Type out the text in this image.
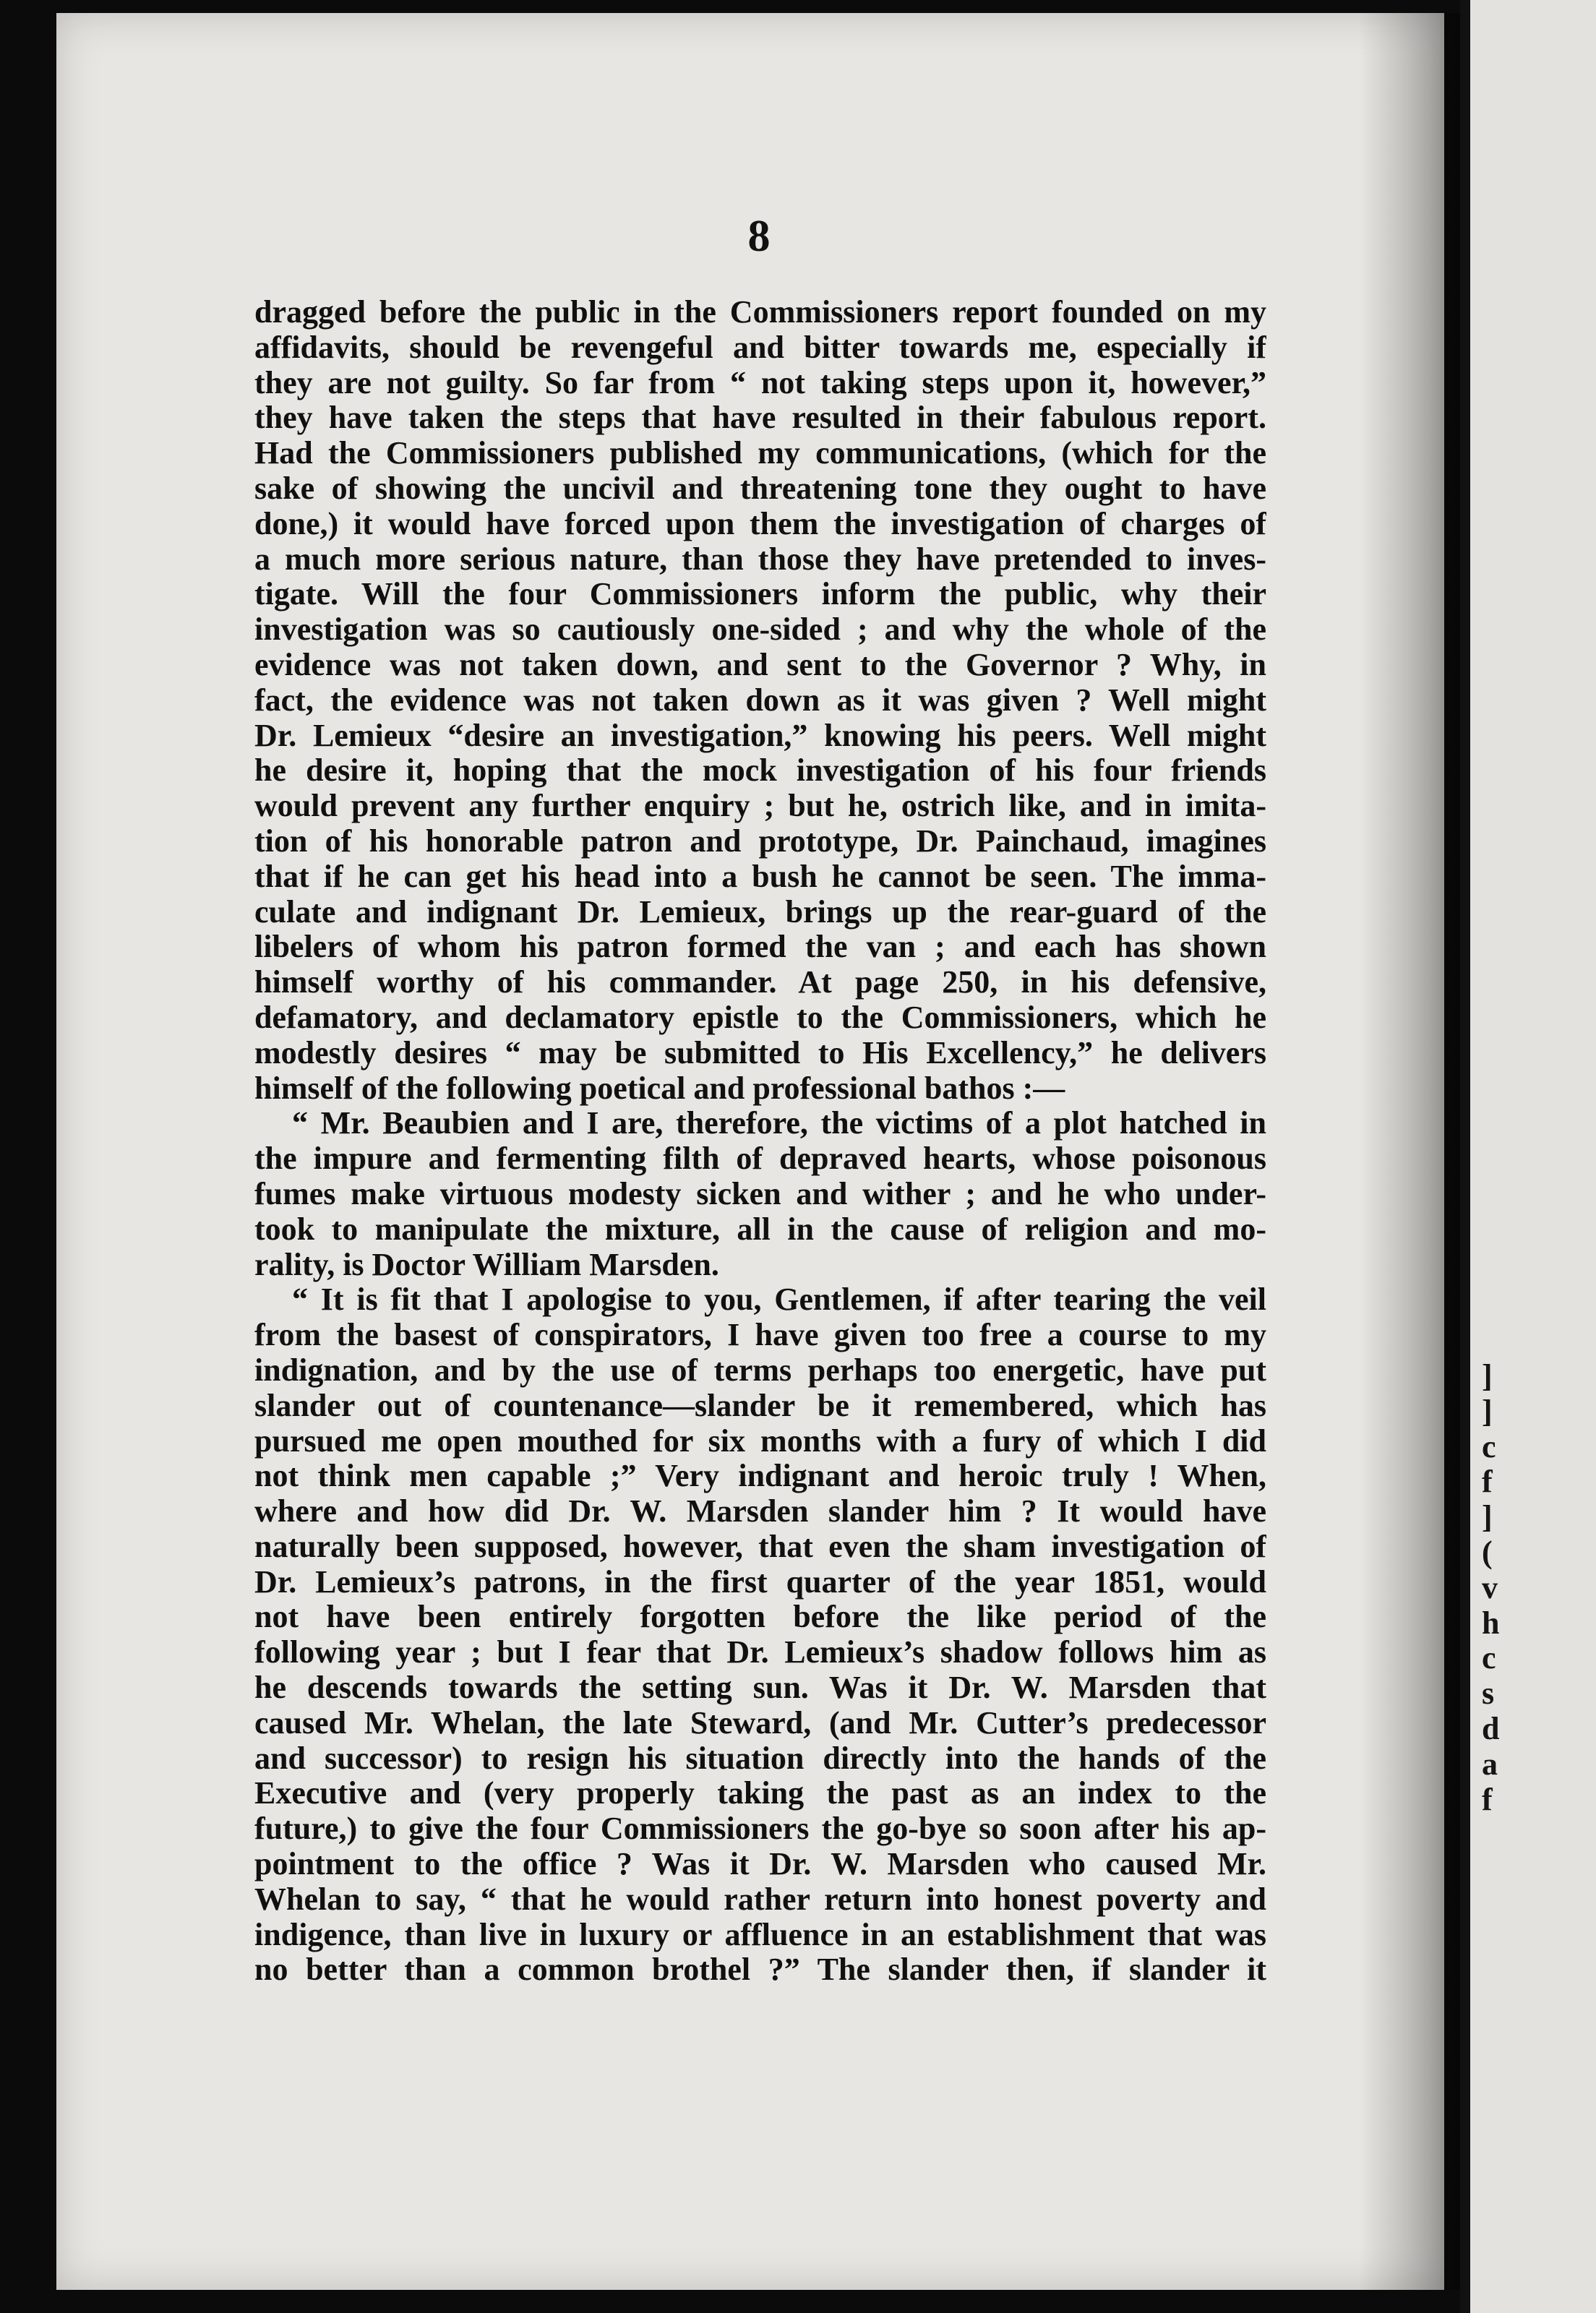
8
dragged before the public in the Commissioners report founded on my
affidavits, should be revengeful and bitter towards me, especially if
they are not guilty. So far from “ not taking steps upon it, however,”
they have taken the steps that have resulted in their fabulous report.
Had the Commissioners published my communications, (which for the
sake of showing the uncivil and threatening tone they ought to have
done,) it would have forced upon them the investigation of charges of
a much more serious nature, than those they have pretended to inves-
tigate. Will the four Commissioners inform the public, why their
investigation was so cautiously one-sided ; and why the whole of the
evidence was not taken down, and sent to the Governor ? Why, in
fact, the evidence was not taken down as it was given ? Well might
Dr. Lemieux “desire an investigation,” knowing his peers. Well might
he desire it, hoping that the mock investigation of his four friends
would prevent any further enquiry ; but he, ostrich like, and in imita-
tion of his honorable patron and prototype, Dr. Painchaud, imagines
that if he can get his head into a bush he cannot be seen. The imma-
culate and indignant Dr. Lemieux, brings up the rear-guard of the
libelers of whom his patron formed the van ; and each has shown
himself worthy of his commander. At page 250, in his defensive,
defamatory, and declamatory epistle to the Commissioners, which he
modestly desires “ may be submitted to His Excellency,” he delivers
himself of the following poetical and professional bathos :—
“ Mr. Beaubien and I are, therefore, the victims of a plot hatched in
the impure and fermenting filth of depraved hearts, whose poisonous
fumes make virtuous modesty sicken and wither ; and he who under-
took to manipulate the mixture, all in the cause of religion and mo-
rality, is Doctor William Marsden.
“ It is fit that I apologise to you, Gentlemen, if after tearing the veil
from the basest of conspirators, I have given too free a course to my
indignation, and by the use of terms perhaps too energetic, have put
slander out of countenance—slander be it remembered, which has
pursued me open mouthed for six months with a fury of which I did
not think men capable ;” Very indignant and heroic truly ! When,
where and how did Dr. W. Marsden slander him ? It would have
naturally been supposed, however, that even the sham investigation of
Dr. Lemieux’s patrons, in the first quarter of the year 1851, would
not have been entirely forgotten before the like period of the
following year ; but I fear that Dr. Lemieux’s shadow follows him as
he descends towards the setting sun. Was it Dr. W. Marsden that
caused Mr. Whelan, the late Steward, (and Mr. Cutter’s predecessor
and successor) to resign his situation directly into the hands of the
Executive and (very properly taking the past as an index to the
future,) to give the four Commissioners the go-bye so soon after his ap-
pointment to the office ? Was it Dr. W. Marsden who caused Mr.
Whelan to say, “ that he would rather return into honest poverty and
indigence, than live in luxury or affluence in an establishment that was
no better than a common brothel ?” The slander then, if slander it
]
]
c
f
]
(
v
h
c
s
d
a
f
